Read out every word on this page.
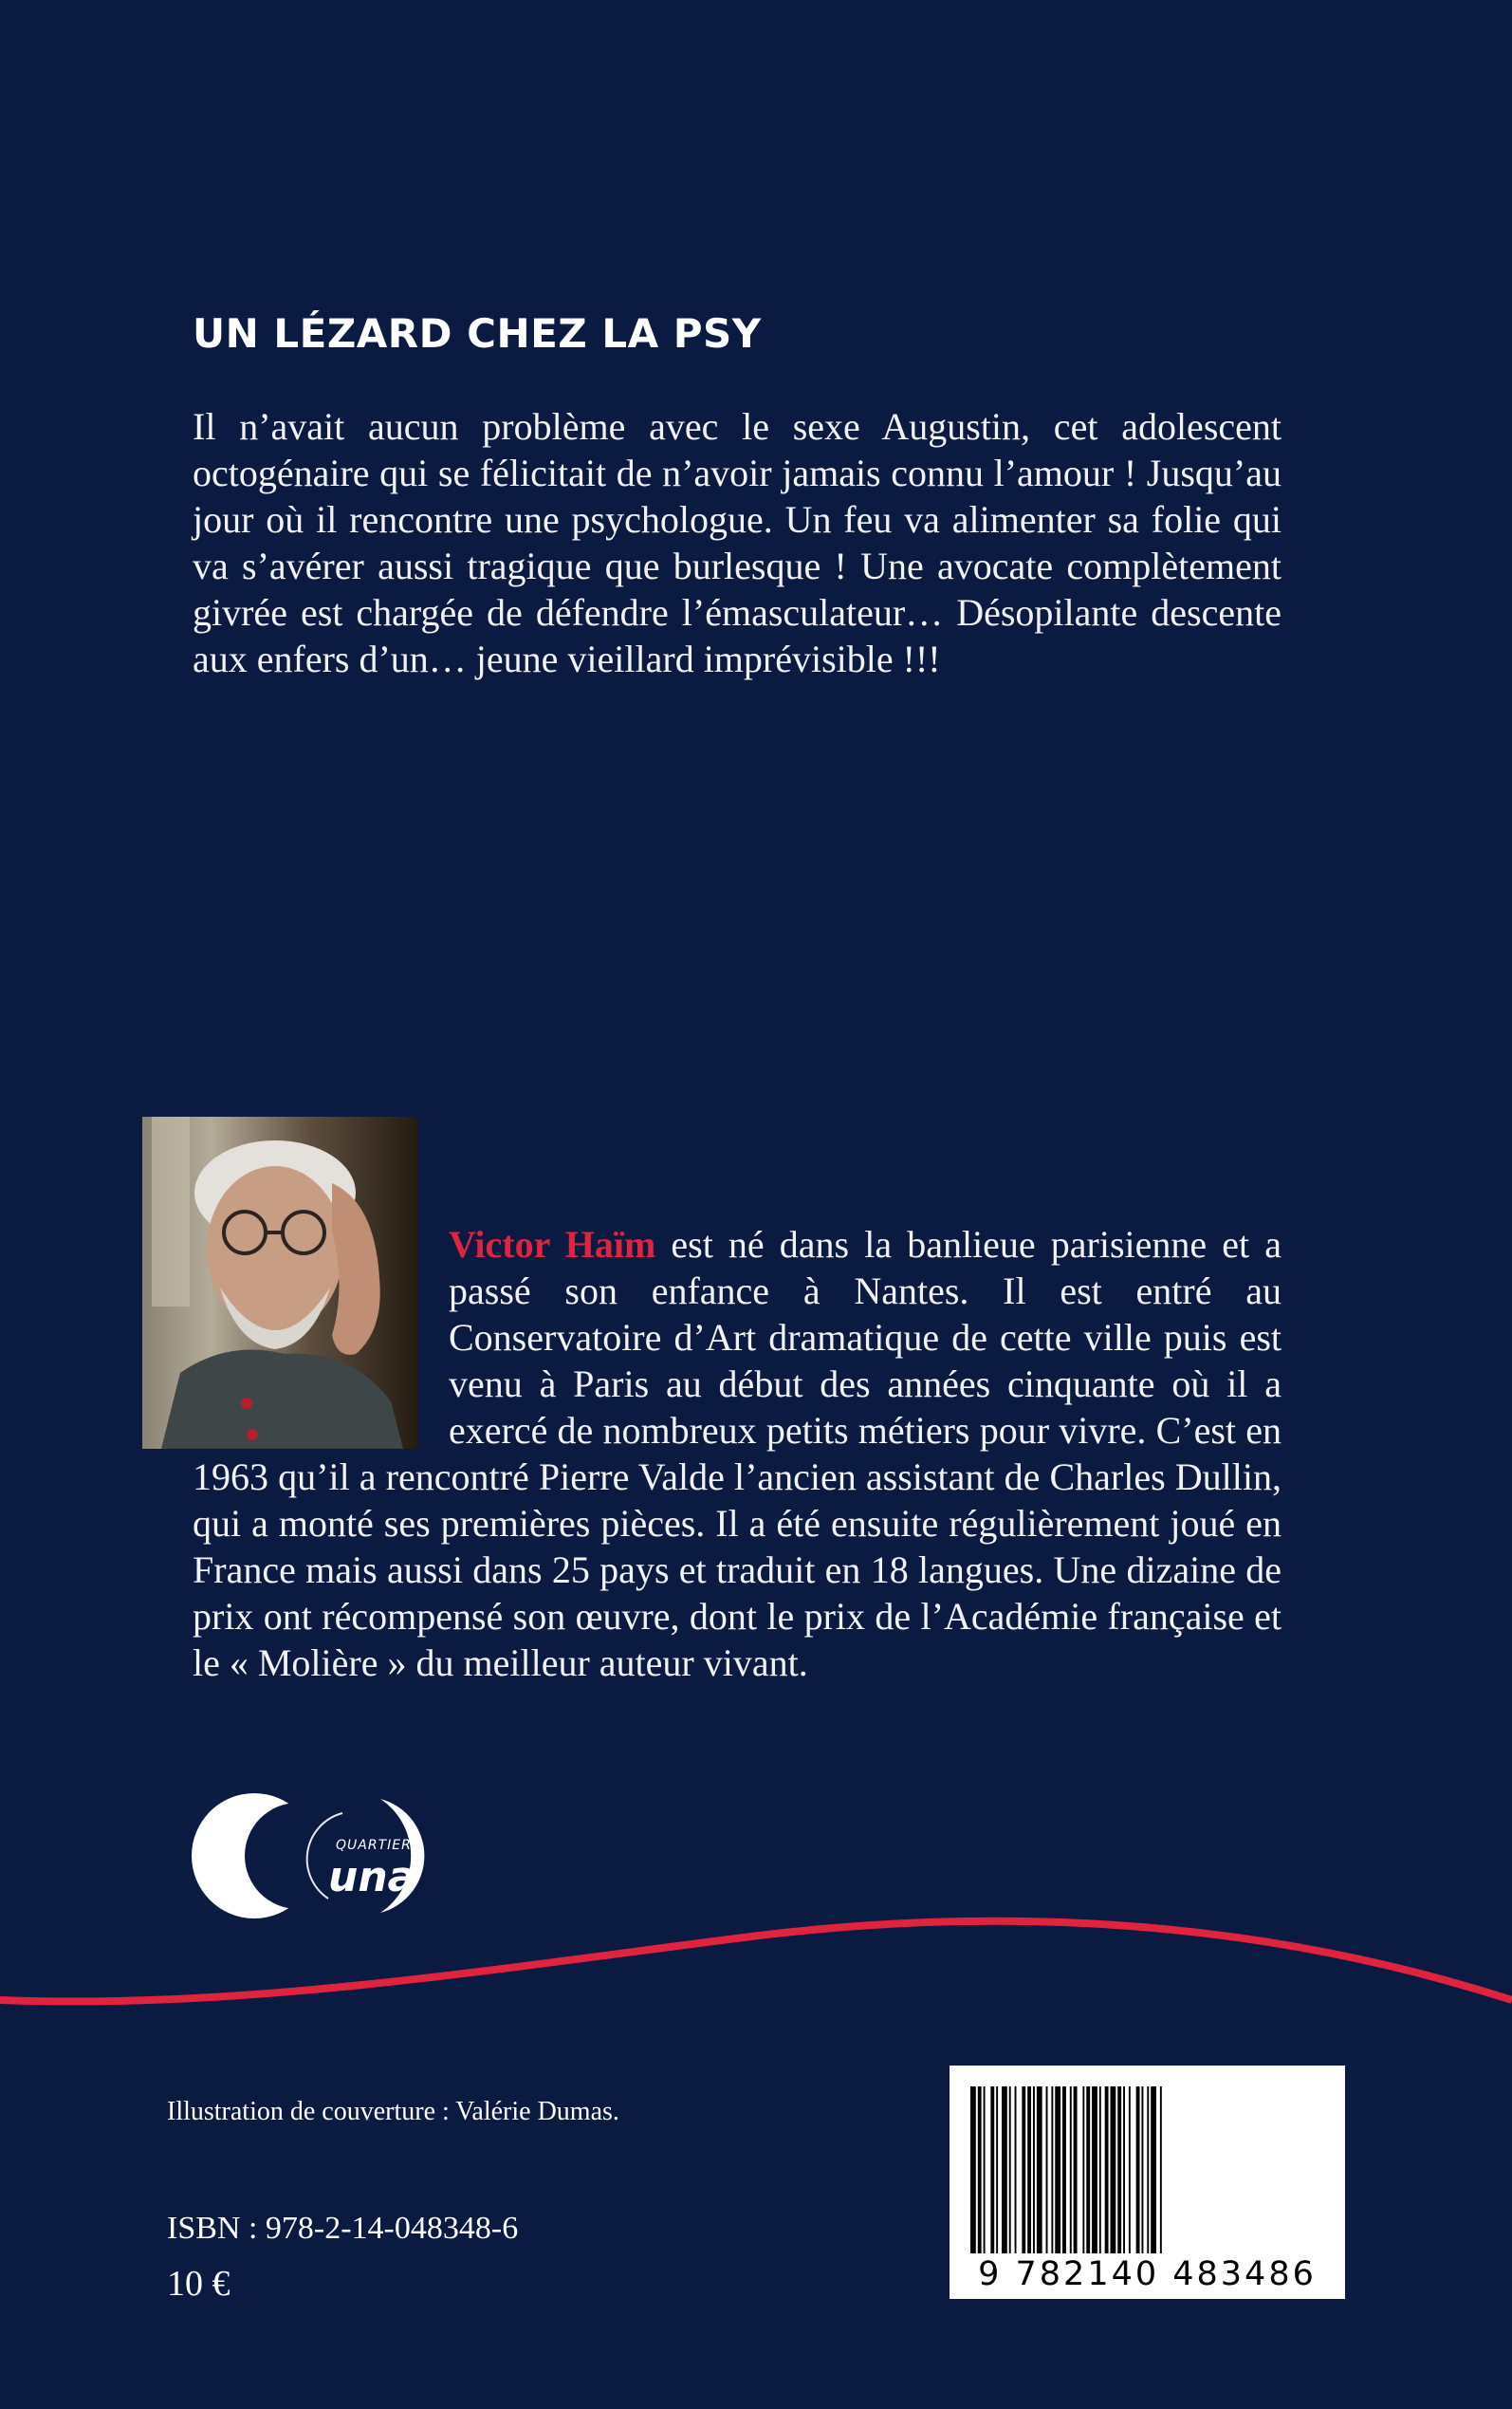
UN LÉZARD CHEZ LA PSY

Il n’avait aucun problème avec le sexe Augustin, cet adolescent octogénaire qui se félicitait de n’avoir jamais connu l’amour ! Jusqu’au jour où il rencontre une psychologue. Un feu va alimenter sa folie qui va s’avérer aussi tragique que burlesque ! Une avocate complètement givrée est chargée de défendre l’émasculateur… Désopilante descente aux enfers d’un… jeune vieillard imprévisible !!!

Victor Haïm est né dans la banlieue parisienne et a passé son enfance à Nantes. Il est entré au Conservatoire d’Art dramatique de cette ville puis est venu à Paris au début des années cinquante où il a exercé de nombreux petits métiers pour vivre. C’est en 1963 qu’il a rencontré Pierre Valde l’ancien assistant de Charles Dullin, qui a monté ses premières pièces. Il a été ensuite régulièrement joué en France mais aussi dans 25 pays et traduit en 18 langues. Une dizaine de prix ont récompensé son œuvre, dont le prix de l’Académie française et le « Molière » du meilleur auteur vivant.
QUARTIER
una
Illustration de couverture : Valérie Dumas.
ISBN : 978-2-14-048348-6
10 €	9 782140 483486
